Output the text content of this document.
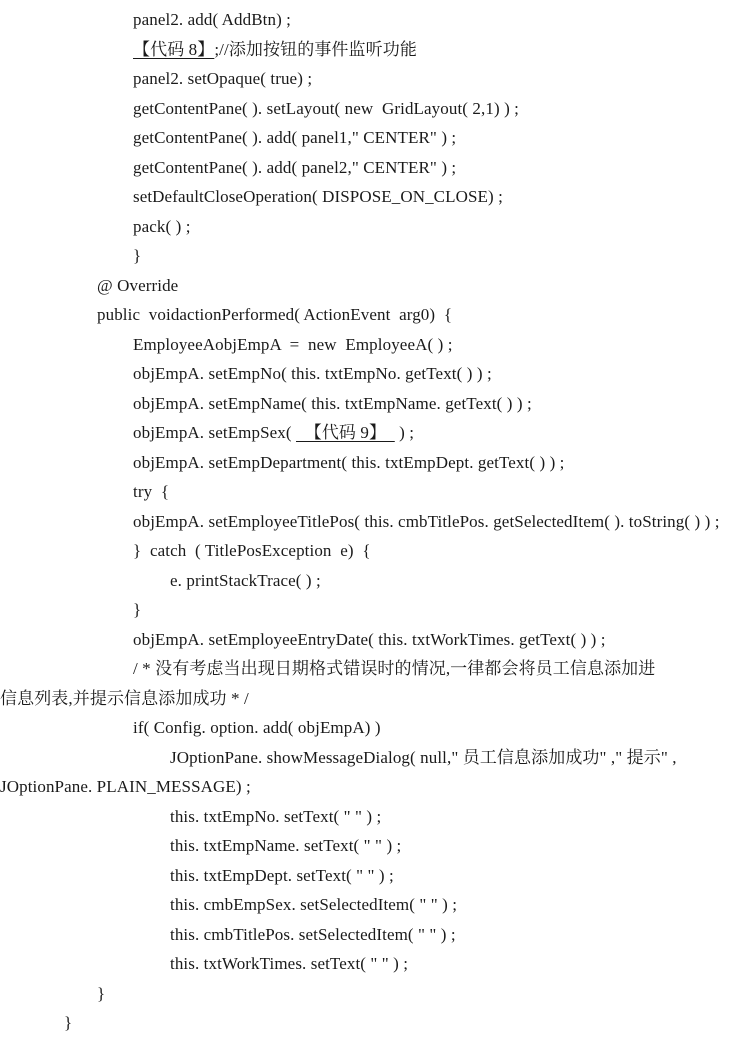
panel2. add( AddBtn) ;
【代码 8】;//添加按钮的事件监听功能
panel2. setOpaque( true) ;
getContentPane( ). setLayout( new  GridLayout( 2,1) ) ;
getContentPane( ). add( panel1," CENTER" ) ;
getContentPane( ). add( panel2," CENTER" ) ;
setDefaultCloseOperation( DISPOSE_ON_CLOSE) ;
pack( ) ;
}
@ Override
public  voidactionPerformed( ActionEvent  arg0)  {
EmployeeAobjEmpA  =  new  EmployeeA( ) ;
objEmpA. setEmpNo( this. txtEmpNo. getText( ) ) ;
objEmpA. setEmpName( this. txtEmpName. getText( ) ) ;
objEmpA. setEmpSex(   【代码 9】   ) ;
objEmpA. setEmpDepartment( this. txtEmpDept. getText( ) ) ;
try  {
objEmpA. setEmployeeTitlePos( this. cmbTitlePos. getSelectedItem( ). toString( ) ) ;
}  catch  ( TitlePosException  e)  {
e. printStackTrace( ) ;
}
objEmpA. setEmployeeEntryDate( this. txtWorkTimes. getText( ) ) ;
/ * 没有考虑当出现日期格式错误时的情况,一律都会将员工信息添加进
信息列表,并提示信息添加成功 * /
if( Config. option. add( objEmpA) )
JOptionPane. showMessageDialog( null," 员工信息添加成功" ," 提示" ,
JOptionPane. PLAIN_MESSAGE) ;
this. txtEmpNo. setText( " " ) ;
this. txtEmpName. setText( " " ) ;
this. txtEmpDept. setText( " " ) ;
this. cmbEmpSex. setSelectedItem( " " ) ;
this. cmbTitlePos. setSelectedItem( " " ) ;
this. txtWorkTimes. setText( " " ) ;
}
}
